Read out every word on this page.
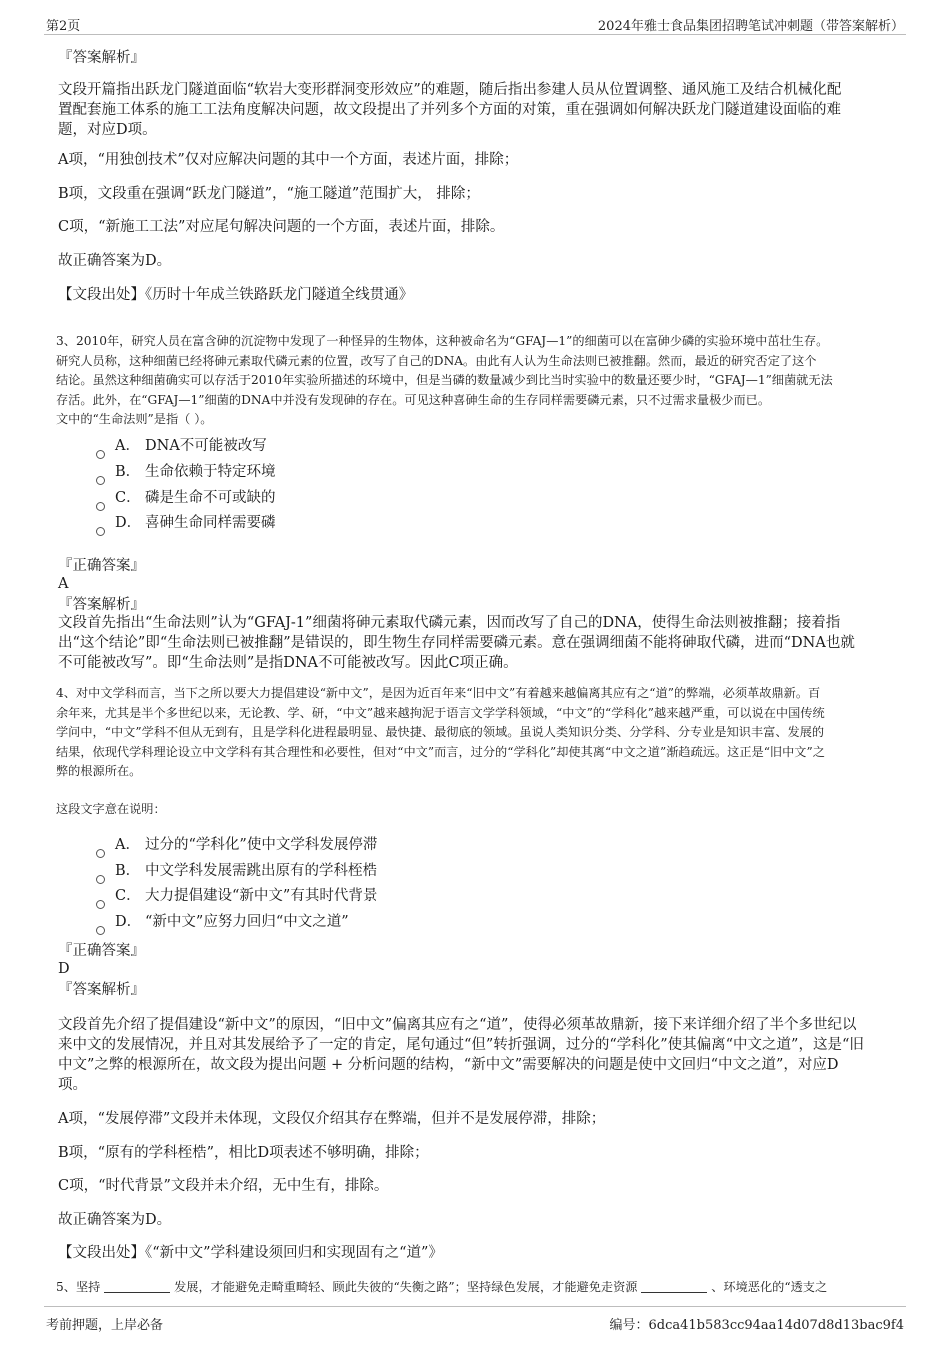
第2页	2024年雅士食品集团招聘笔试冲刺题（带答案解析）
『答案解析』
文段开篇指出跃龙门隧道面临“软岩大变形群洞变形效应”的难题，随后指出参建人员从位置调整、通风施工及结合机械化配
置配套施工体系的施工工法角度解决问题，故文段提出了并列多个方面的对策，重在强调如何解决跃龙门隧道建设面临的难
题，对应D项。
A项，“用独创技术”仅对应解决问题的其中一个方面，表述片面，排除；
B项，文段重在强调“跃龙门隧道”，“施工隧道”范围扩大， 排除；
C项，“新施工工法”对应尾句解决问题的一个方面，表述片面，排除。
故正确答案为D。
【文段出处】《历时十年成兰铁路跃龙门隧道全线贯通》
3、2010年，研究人员在富含砷的沉淀物中发现了一种怪异的生物体，这种被命名为“GFAJ—1”的细菌可以在富砷少磷的实验环境中茁壮生存。
研究人员称，这种细菌已经将砷元素取代磷元素的位置，改写了自己的DNA。由此有人认为生命法则已被推翻。然而，最近的研究否定了这个
结论。虽然这种细菌确实可以存活于2010年实验所描述的环境中，但是当磷的数量减少到比当时实验中的数量还要少时，“GFAJ—1”细菌就无法
存活。此外，在“GFAJ—1”细菌的DNA中并没有发现砷的存在。可见这种喜砷生命的生存同样需要磷元素，只不过需求量极少而已。
文中的“生命法则”是指（ ）。
A． DNA不可能被改写
B． 生命依赖于特定环境
C． 磷是生命不可或缺的
D． 喜砷生命同样需要磷
『正确答案』
A
『答案解析』
文段首先指出“生命法则”认为“GFAJ-1”细菌将砷元素取代磷元素，因而改写了自己的DNA，使得生命法则被推翻；接着指
出“这个结论”即“生命法则已被推翻”是错误的，即生物生存同样需要磷元素。意在强调细菌不能将砷取代磷，进而“DNA也就
不可能被改写”。即“生命法则”是指DNA不可能被改写。因此C项正确。
4、对中文学科而言，当下之所以要大力提倡建设“新中文”，是因为近百年来“旧中文”有着越来越偏离其应有之“道”的弊端，必须革故鼎新。百
余年来，尤其是半个多世纪以来，无论教、学、研，“中文”越来越拘泥于语言文学学科领域，“中文”的“学科化”越来越严重，可以说在中国传统
学问中，“中文”学科不但从无到有，且是学科化进程最明显、最快捷、最彻底的领域。虽说人类知识分类、分学科、分专业是知识丰富、发展的
结果，依现代学科理论设立中文学科有其合理性和必要性，但对“中文”而言，过分的“学科化”却使其离“中文之道”渐趋疏远。这正是“旧中文”之
弊的根源所在。
这段文字意在说明：
A． 过分的“学科化”使中文学科发展停滞
B． 中文学科发展需跳出原有的学科桎梏
C． 大力提倡建设“新中文”有其时代背景
D． “新中文”应努力回归“中文之道”
『正确答案』
D
『答案解析』
文段首先介绍了提倡建设“新中文”的原因，“旧中文”偏离其应有之“道”，使得必须革故鼎新，接下来详细介绍了半个多世纪以
来中文的发展情况，并且对其发展给予了一定的肯定，尾句通过“但”转折强调，过分的“学科化”使其偏离“中文之道”，这是“旧
中文”之弊的根源所在，故文段为提出问题 + 分析问题的结构，“新中文”需要解决的问题是使中文回归“中文之道”，对应D
项。
A项，“发展停滞”文段并未体现，文段仅介绍其存在弊端，但并不是发展停滞，排除；
B项，“原有的学科桎梏”，相比D项表述不够明确，排除；
C项，“时代背景”文段并未介绍，无中生有，排除。
故正确答案为D。
【文段出处】《“新中文”学科建设须回归和实现固有之“道”》
5、坚持	发展，才能避免走畸重畸轻、顾此失彼的“失衡之路”；坚持绿色发展，才能避免走资源	、环境恶化的“透支之
考前押题，上岸必备	编号：6dca41b583cc94aa14d07d8d13bac9f4
